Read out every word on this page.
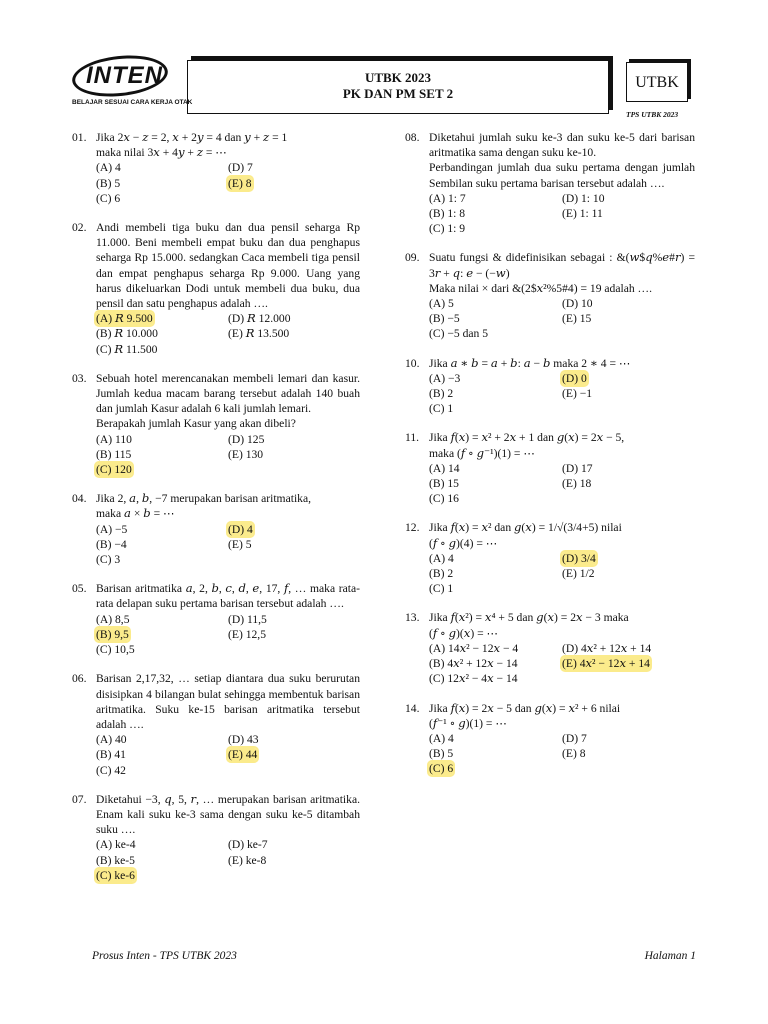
INTEN
BELAJAR SESUAI CARA KERJA OTAK
UTBK 2023
PK DAN PM SET 2
UTBK
TPS UTBK 2023
01. Jika 2𝑥 − 𝑧 = 2, 𝑥 + 2𝑦 = 4 dan 𝑦 + 𝑧 = 1
maka nilai 3𝑥 + 4𝑦 + 𝑧 = ⋯
(A) 4	(D) 7
(B) 5	(E) 8
(C) 6
02. Andi membeli tiga buku dan dua pensil seharga Rp 11.000. Beni membeli empat buku dan dua penghapus seharga Rp 15.000. sedangkan Caca membeli tiga pensil dan empat penghapus seharga Rp 9.000. Uang yang harus dikeluarkan Dodi untuk membeli dua buku, dua pensil dan satu penghapus adalah ….
(A) 𝑅 9.500	(D) 𝑅 12.000
(B) 𝑅 10.000	(E) 𝑅 13.500
(C) 𝑅 11.500
03. Sebuah hotel merencanakan membeli lemari dan kasur. Jumlah kedua macam barang tersebut adalah 140 buah dan jumlah Kasur adalah 6 kali jumlah lemari.
Berapakah jumlah Kasur yang akan dibeli?
(A) 110	(D) 125
(B) 115	(E) 130
(C) 120
04. Jika 2, 𝑎, 𝑏, −7 merupakan barisan aritmatika,
maka 𝑎 × 𝑏 = ⋯
(A) −5	(D) 4
(B) −4	(E) 5
(C) 3
05. Barisan aritmatika 𝑎, 2, 𝑏, 𝑐, 𝑑, 𝑒, 17, 𝑓, … maka rata-rata delapan suku pertama barisan tersebut adalah ….
(A) 8,5	(D) 11,5
(B) 9,5	(E) 12,5
(C) 10,5
06. Barisan 2,17,32, … setiap diantara dua suku berurutan disisipkan 4 bilangan bulat sehingga membentuk barisan aritmatika. Suku ke-15 barisan aritmatika tersebut adalah ….
(A) 40	(D) 43
(B) 41	(E) 44
(C) 42
07. Diketahui −3, 𝑞, 5, 𝑟, … merupakan barisan aritmatika. Enam kali suku ke-3 sama dengan suku ke-5 ditambah suku ….
(A) ke-4	(D) ke-7
(B) ke-5	(E) ke-8
(C) ke-6
08. Diketahui jumlah suku ke-3 dan suku ke-5 dari barisan aritmatika sama dengan suku ke-10.
Perbandingan jumlah dua suku pertama dengan jumlah Sembilan suku pertama barisan tersebut adalah ….
(A) 1: 7	(D) 1: 10
(B) 1: 8	(E) 1: 11
(C) 1: 9
09. Suatu fungsi & didefinisikan sebagai : &(𝑤$𝑞%𝑒#𝑟) = 3𝑟 + 𝑞: 𝑒 − (−𝑤)
Maka nilai × dari &(2$𝑥²%5#4) = 19 adalah ….
(A) 5	(D) 10
(B) −5	(E) 15
(C) −5 dan 5
10. Jika 𝑎 ∗ 𝑏 = 𝑎 + 𝑏: 𝑎 − 𝑏 maka 2 ∗ 4 = ⋯
(A) −3	(D) 0
(B) 2	(E) −1
(C) 1
11. Jika 𝑓(𝑥) = 𝑥² + 2𝑥 + 1 dan 𝑔(𝑥) = 2𝑥 − 5,
maka (𝑓 ∘ 𝑔⁻¹)(1) = ⋯
(A) 14	(D) 17
(B) 15	(E) 18
(C) 16
12. Jika 𝑓(𝑥) = 𝑥² dan 𝑔(𝑥) = 1/√(3/4+5) nilai
(𝑓 ∘ 𝑔)(4) = ⋯
(A) 4	(D) 3/4
(B) 2	(E) 1/2
(C) 1
13. Jika 𝑓(𝑥²) = 𝑥⁴ + 5 dan 𝑔(𝑥) = 2𝑥 − 3 maka
(𝑓 ∘ 𝑔)(𝑥) = ⋯
(A) 14𝑥² − 12𝑥 − 4	(D) 4𝑥² + 12𝑥 + 14
(B) 4𝑥² + 12𝑥 − 14	(E) 4𝑥² − 12𝑥 + 14
(C) 12𝑥² − 4𝑥 − 14
14. Jika 𝑓(𝑥) = 2𝑥 − 5 dan 𝑔(𝑥) = 𝑥² + 6 nilai
(𝑓⁻¹ ∘ 𝑔)(1) = ⋯
(A) 4	(D) 7
(B) 5	(E) 8
(C) 6
Prosus Inten - TPS UTBK 2023	Halaman 1
